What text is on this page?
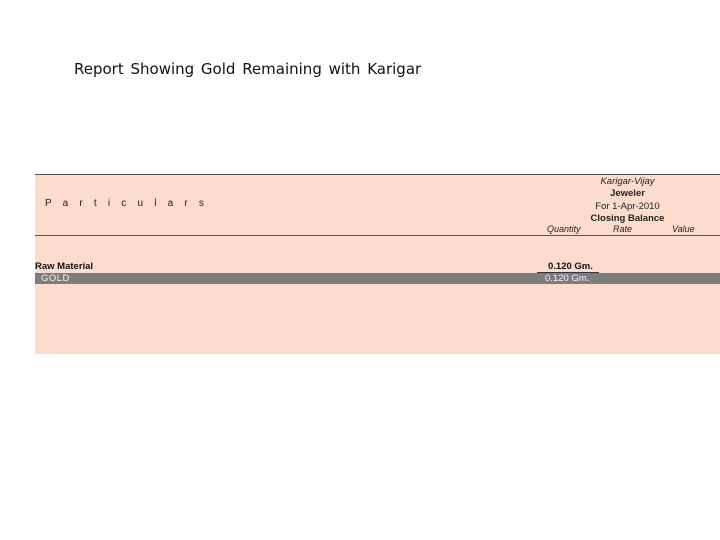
Report Showing Gold Remaining with Karigar
P a r t i c u l a r s
Karigar-Vijay
Jeweler
For 1-Apr-2010
Closing Balance
Quantity	Rate	Value
Raw Material	0.120 Gm.
GOLD	0.120 Gm.
